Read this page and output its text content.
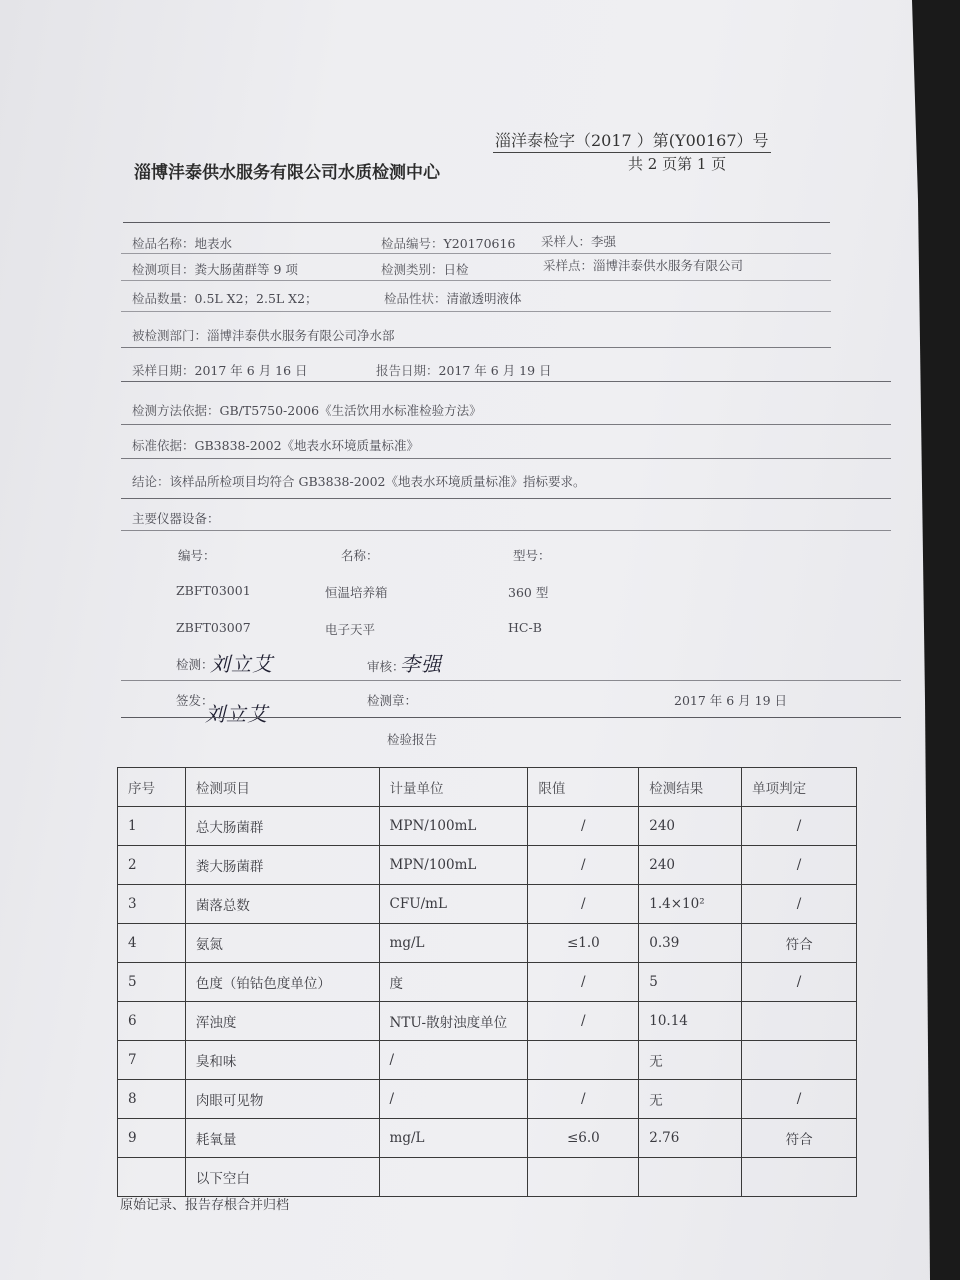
淄洋泰检字（2017 ）第(Y00167）号
共 2 页第 1 页
淄博沣泰供水服务有限公司水质检测中心
检品名称：地表水	检品编号：Y20170616 采样人：李强
检测项目：粪大肠菌群等 9 项	检测类别：日检	采样点：淄博沣泰供水服务有限公司
检品数量：0.5L X2；2.5L X2；	检品性状：清澈透明液体
被检测部门：淄博沣泰供水服务有限公司净水部
采样日期：2017 年 6 月 16 日	报告日期：2017 年 6 月 19 日
检测方法依据：GB/T5750-2006《生活饮用水标准检验方法》
标准依据：GB3838-2002《地表水环境质量标准》
结论：该样品所检项目均符合 GB3838-2002《地表水环境质量标准》指标要求。
主要仪器设备：
编号：	名称：	型号：
ZBFT03001	恒温培养箱	360 型
ZBFT03007	电子天平	HC-B
检测：
刘立艾	审核：
李强
签发：
刘立艾
检测章：	2017 年 6 月 19 日
检验报告
序号	检测项目	计量单位	限值	检测结果	单项判定
1	总大肠菌群	MPN/100mL	/	240	/
2	粪大肠菌群	MPN/100mL	/	240	/
3	菌落总数	CFU/mL	/	1.4×10²	/
4	氨氮	mg/L	≤1.0	0.39	符合
5	色度（铂钴色度单位）	度	/	5	/
6	浑浊度	NTU-散射浊度单位	/	10.14	
7	臭和味	/		无	
8	肉眼可见物	/	/	无	/
9	耗氧量	mg/L	≤6.0	2.76	符合
	以下空白				
原始记录、报告存根合并归档
